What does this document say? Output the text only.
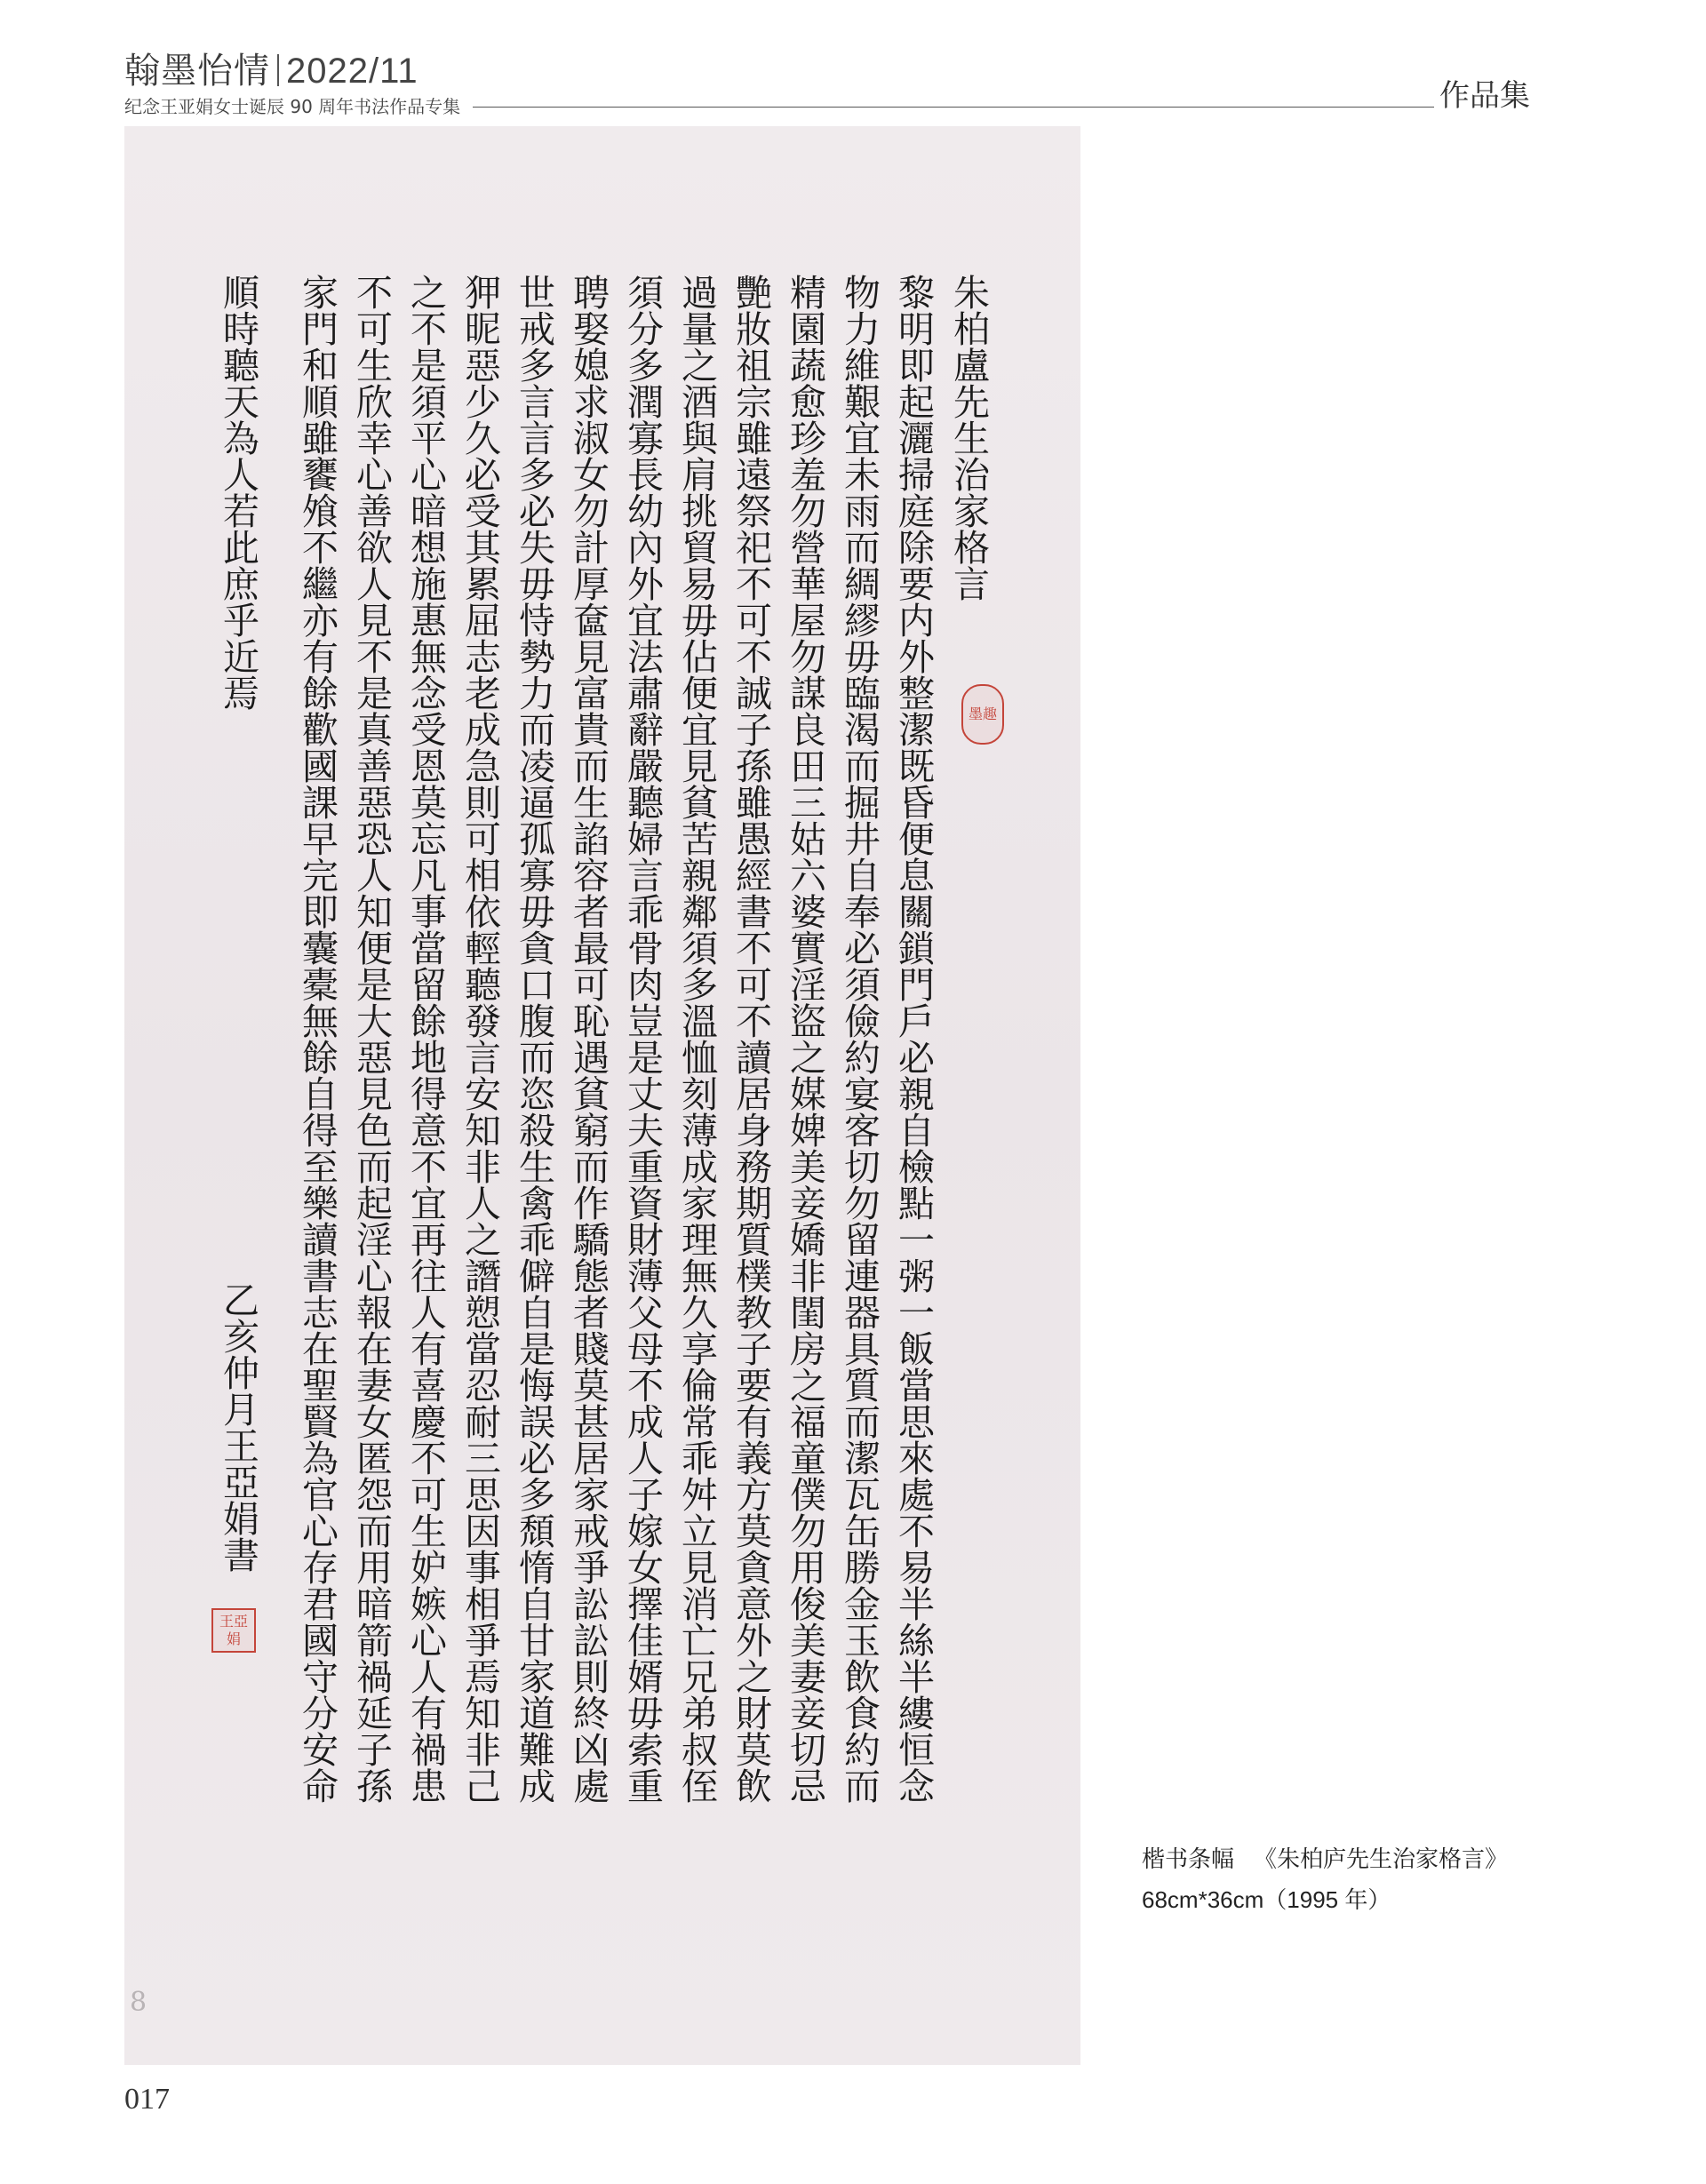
翰墨怡情 2022/11
纪念王亚娟女士诞辰 90 周年书法作品专集	作品集
朱柏盧先生治家格言
黎明即起灑掃庭除要内外整潔既昏便息關鎖門戶必親自檢點一粥一飯當思來處不易半絲半縷恒念
物力維艱宜未雨而綢繆毋臨渴而掘井自奉必須儉約宴客切勿留連器具質而潔瓦缶勝金玉飲食約而
精園蔬愈珍羞勿營華屋勿謀良田三姑六婆實淫盜之媒婢美妾嬌非閨房之福童僕勿用俊美妻妾切忌
艷妝祖宗雖遠祭祀不可不誠子孫雖愚經書不可不讀居身務期質樸教子要有義方莫貪意外之財莫飲
過量之酒與肩挑貿易毋佔便宜見貧苦親鄰須多溫恤刻薄成家理無久享倫常乖舛立見消亡兄弟叔侄
須分多潤寡長幼內外宜法肅辭嚴聽婦言乖骨肉豈是丈夫重資財薄父母不成人子嫁女擇佳婿毋索重
聘娶媳求淑女勿計厚奩見富貴而生諂容者最可恥遇貧窮而作驕態者賤莫甚居家戒爭訟訟則終凶處
世戒多言言多必失毋恃勢力而凌逼孤寡毋貪口腹而恣殺生禽乖僻自是悔誤必多頹惰自甘家道難成
狎昵惡少久必受其累屈志老成急則可相依輕聽發言安知非人之譖愬當忍耐三思因事相爭焉知非己
之不是須平心暗想施惠無念受恩莫忘凡事當留餘地得意不宜再往人有喜慶不可生妒嫉心人有禍患
不可生欣幸心善欲人見不是真善惡恐人知便是大惡見色而起淫心報在妻女匿怨而用暗箭禍延子孫
家門和順雖饔飧不繼亦有餘歡國課早完即囊橐無餘自得至樂讀書志在聖賢為官心存君國守分安命
順時聽天為人若此庶乎近焉
乙亥仲月王亞娟書
墨趣
王亞娟
8
楷书条幅 《朱柏庐先生治家格言》
68cm*36cm（1995 年）
017
